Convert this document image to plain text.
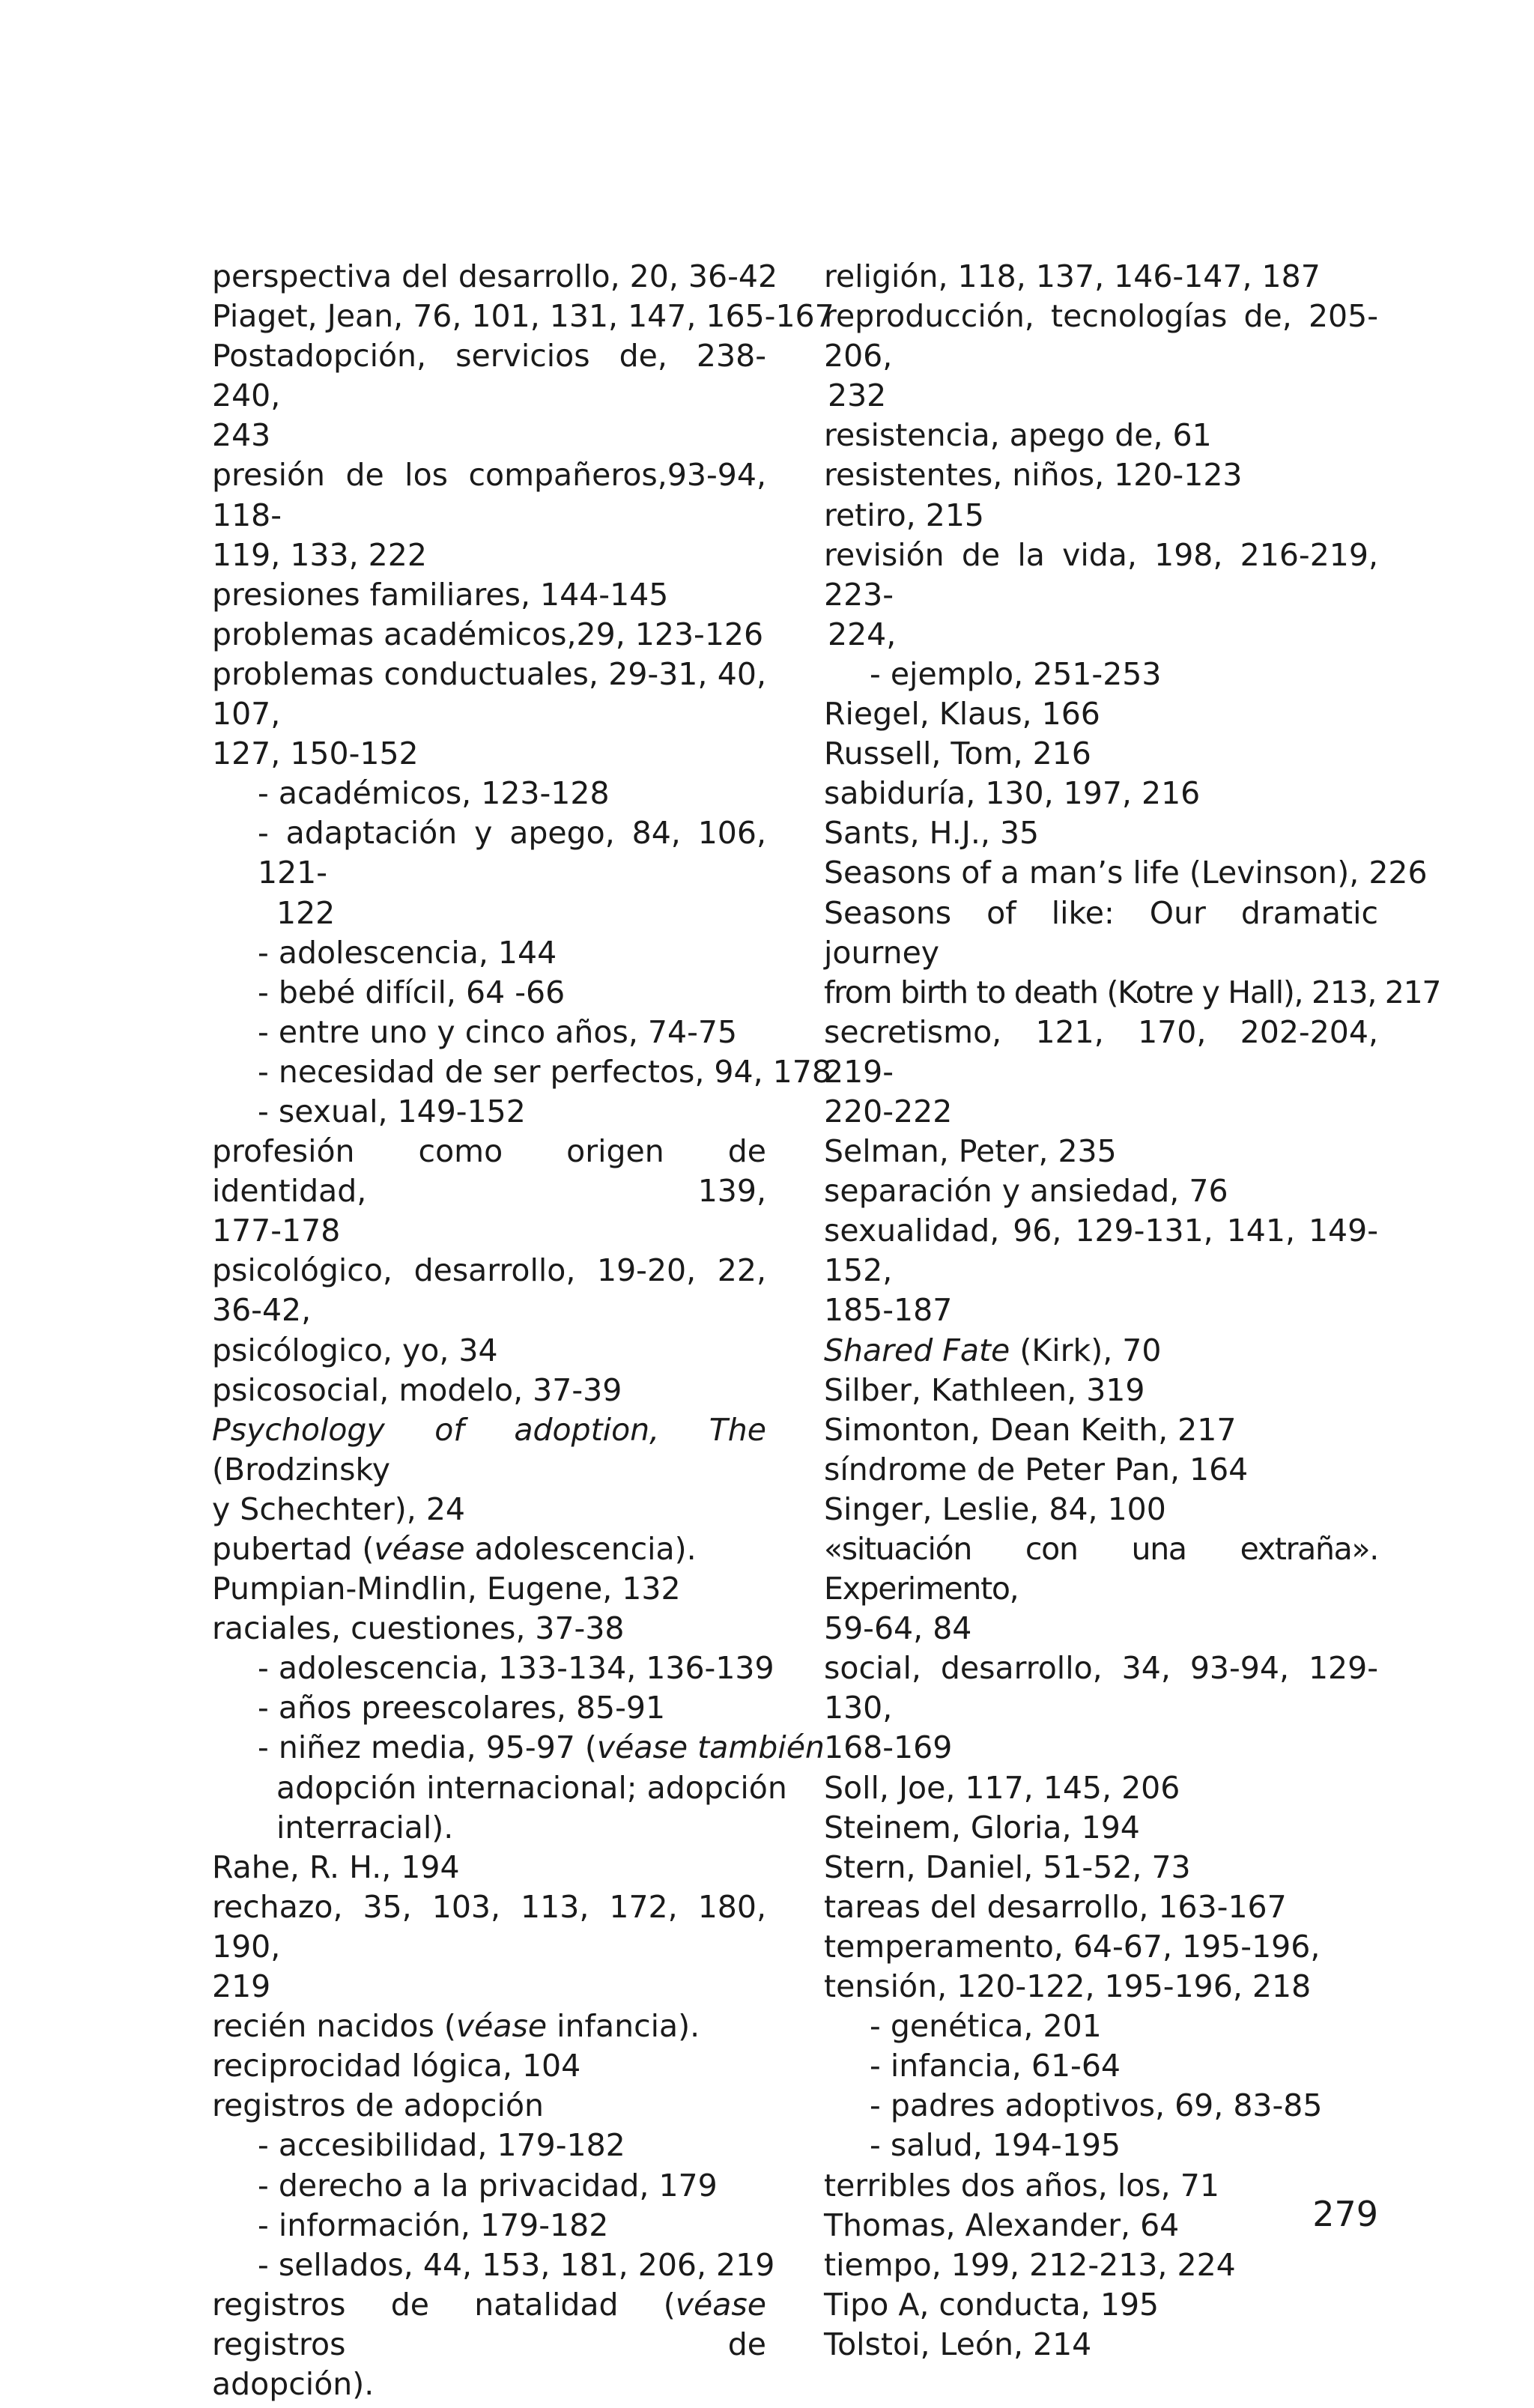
perspectiva del desarrollo, 20, 36-42
Piaget, Jean, 76, 101, 131, 147, 165-167
Postadopción, servicios de, 238-240,
243
presión de los compañeros,93-94, 118-
119, 133, 222
presiones familiares, 144-145
problemas académicos,29, 123-126
problemas conductuales, 29-31, 40, 107,
127, 150-152
- académicos, 123-128
- adaptación y apego, 84, 106, 121-
122
- adolescencia, 144
- bebé difícil, 64 -66
- entre uno y cinco años, 74-75
- necesidad de ser perfectos, 94, 178
- sexual, 149-152
profesión como origen de identidad, 139,
177-178
psicológico, desarrollo, 19-20, 22, 36-42,
psicólogico, yo, 34
psicosocial, modelo, 37-39
Psychology of adoption, The (Brodzinsky
y Schechter), 24
pubertad (véase adolescencia).
Pumpian-Mindlin, Eugene, 132
raciales, cuestiones, 37-38
- adolescencia, 133-134, 136-139
- años preescolares, 85-91
- niñez media, 95-97 (véase también
adopción internacional; adopción
interracial).
Rahe, R. H., 194
rechazo, 35, 103, 113, 172, 180, 190,
219
recién nacidos (véase infancia).
reciprocidad lógica, 104
registros de adopción
- accesibilidad, 179-182
- derecho a la privacidad, 179
- información, 179-182
- sellados, 44, 153, 181, 206, 219
registros de natalidad (véase registros de
adopción).
religión, 118, 137, 146-147, 187
reproducción, tecnologías de, 205-206,
232
resistencia, apego de, 61
resistentes, niños, 120-123
retiro, 215
revisión de la vida, 198, 216-219, 223-
224,
- ejemplo, 251-253
Riegel, Klaus, 166
Russell, Tom, 216
sabiduría, 130, 197, 216
Sants, H.J., 35
Seasons of a man’s life (Levinson), 226
Seasons of like: Our dramatic journey
from birth to death (Kotre y Hall), 213, 217
secretismo, 121, 170, 202-204, 219-
220-222
Selman, Peter, 235
separación y ansiedad, 76
sexualidad, 96, 129-131, 141, 149-152,
185-187
Shared Fate (Kirk), 70
Silber, Kathleen, 319
Simonton, Dean Keith, 217
síndrome de Peter Pan, 164
Singer, Leslie, 84, 100
«situación con una extraña». Experimento,
59-64, 84
social, desarrollo, 34, 93-94, 129-130,
168-169
Soll, Joe, 117, 145, 206
Steinem, Gloria, 194
Stern, Daniel, 51-52, 73
tareas del desarrollo, 163-167
temperamento, 64-67, 195-196,
tensión, 120-122, 195-196, 218
- genética, 201
- infancia, 61-64
- padres adoptivos, 69, 83-85
- salud, 194-195
terribles dos años, los, 71
Thomas, Alexander, 64
tiempo, 199, 212-213, 224
Tipo A, conducta, 195
Tolstoi, León, 214
279
